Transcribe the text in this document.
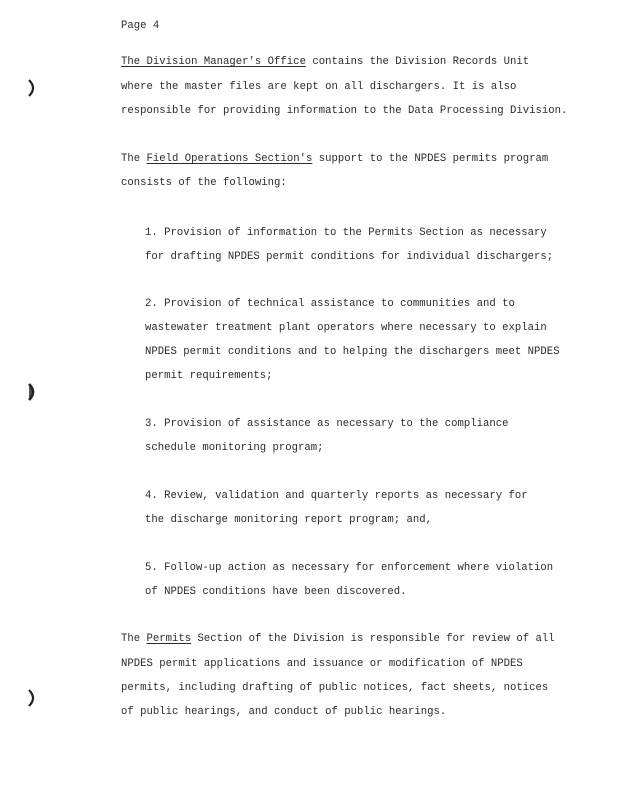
Page 4
The Division Manager's Office contains the Division Records Unit
where the master files are kept on all dischargers. It is also
responsible for providing information to the Data Processing Division.
The Field Operations Section's support to the NPDES permits program
consists of the following:
1. Provision of information to the Permits Section as necessary
for drafting NPDES permit conditions for individual dischargers;
2. Provision of technical assistance to communities and to
wastewater treatment plant operators where necessary to explain
NPDES permit conditions and to helping the dischargers meet NPDES
permit requirements;
3. Provision of assistance as necessary to the compliance
schedule monitoring program;
4. Review, validation and quarterly reports as necessary for
the discharge monitoring report program; and,
5. Follow-up action as necessary for enforcement where violation
of NPDES conditions have been discovered.
The Permits Section of the Division is responsible for review of all
NPDES permit applications and issuance or modification of NPDES
permits, including drafting of public notices, fact sheets, notices
of public hearings, and conduct of public hearings.
